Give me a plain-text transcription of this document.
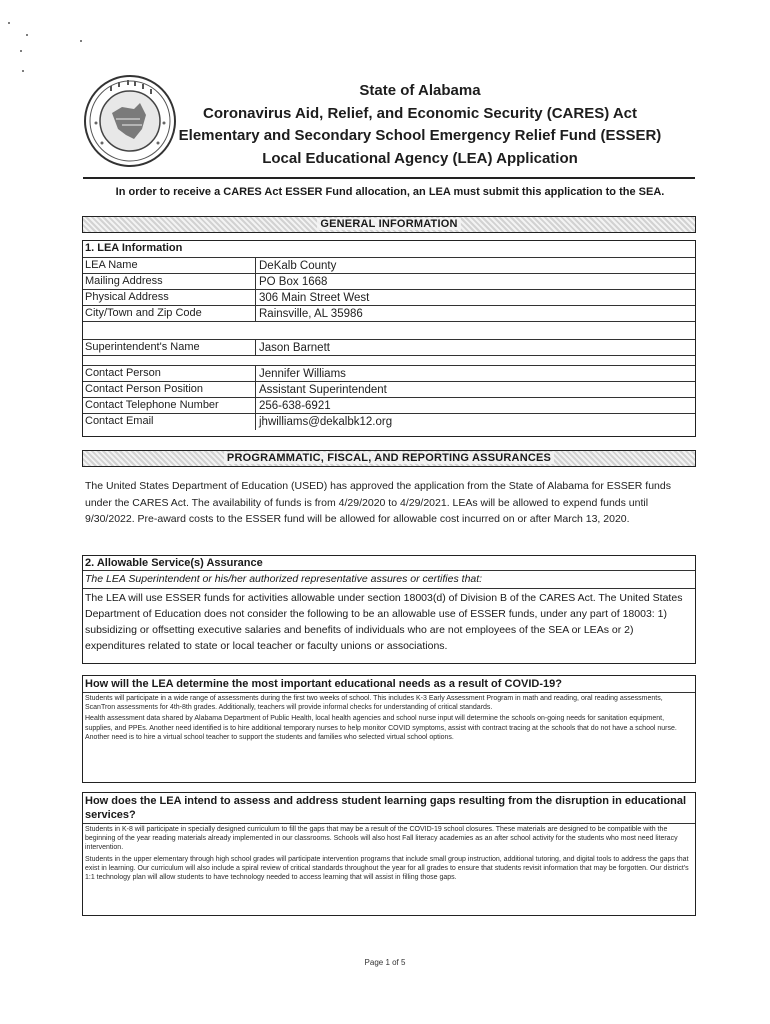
State of Alabama
Coronavirus Aid, Relief, and Economic Security (CARES) Act
Elementary and Secondary School Emergency Relief Fund (ESSER)
Local Educational Agency (LEA) Application
In order to receive a CARES Act ESSER Fund allocation, an LEA must submit this application to the SEA.
GENERAL INFORMATION
1. LEA Information
LEA Name	DeKalb County
Mailing Address	PO Box 1668
Physical Address	306 Main Street West
City/Town and Zip Code	Rainsville, AL 35986
Superintendent's Name	Jason Barnett
Contact Person	Jennifer Williams
Contact Person Position	Assistant Superintendent
Contact Telephone Number	256-638-6921
Contact Email	jhwilliams@dekalbk12.org
PROGRAMMATIC, FISCAL, AND REPORTING ASSURANCES
The United States Department of Education (USED) has approved the application from the State of Alabama for ESSER funds under the CARES Act. The availability of funds is from 4/29/2020 to 4/29/2021. LEAs will be allowed to expend funds until 9/30/2022. Pre-award costs to the ESSER fund will be allowed for allowable cost incurred on or after March 13, 2020.
2. Allowable Service(s) Assurance
The LEA Superintendent or his/her authorized representative assures or certifies that:
The LEA will use ESSER funds for activities allowable under section 18003(d) of Division B of the CARES Act. The United States Department of Education does not consider the following to be an allowable use of ESSER funds, under any part of 18003: 1) subsidizing or offsetting executive salaries and benefits of individuals who are not employees of the SEA or LEAs or 2) expenditures related to state or local teacher or faculty unions or associations.
How will the LEA determine the most important educational needs as a result of COVID-19?
Students will participate in a wide range of assessments during the first two weeks of school. This includes K-3 Early Assessment Program in math and reading, oral reading assessments, ScanTron assessments for 4th-8th grades. Additionally, teachers will provide informal checks for understanding of critical standards.
Health assessment data shared by Alabama Department of Public Health, local health agencies and school nurse input will determine the schools on-going needs for sanitation equipment, supplies, and PPEs. Another need identified is to hire additional temporary nurses to help monitor COVID symptoms, assist with contract tracing at the schools that do not have a school nurse. Another need is to hire a virtual school teacher to support the students and families who selected virtual school options.
How does the LEA intend to assess and address student learning gaps resulting from the disruption in educational services?
Students in K-8 will participate in specially designed curriculum to fill the gaps that may be a result of the COVID-19 school closures. These materials are designed to be compatible with the beginning of the year reading materials already implemented in our classrooms. Schools will also host Fall literacy academies as an after school activity for the students who most need literacy intervention.
Students in the upper elementary through high school grades will participate intervention programs that include small group instruction, additional tutoring, and digital tools to address the gaps that exist in learning. Our curriculum will also include a spiral review of critical standards throughout the year for all grades to ensure that students revisit information that may be forgotten. Our district's 1:1 technology plan will allow students to have technology needed to access learning that will assist in filling those gaps.
Page 1 of 5
